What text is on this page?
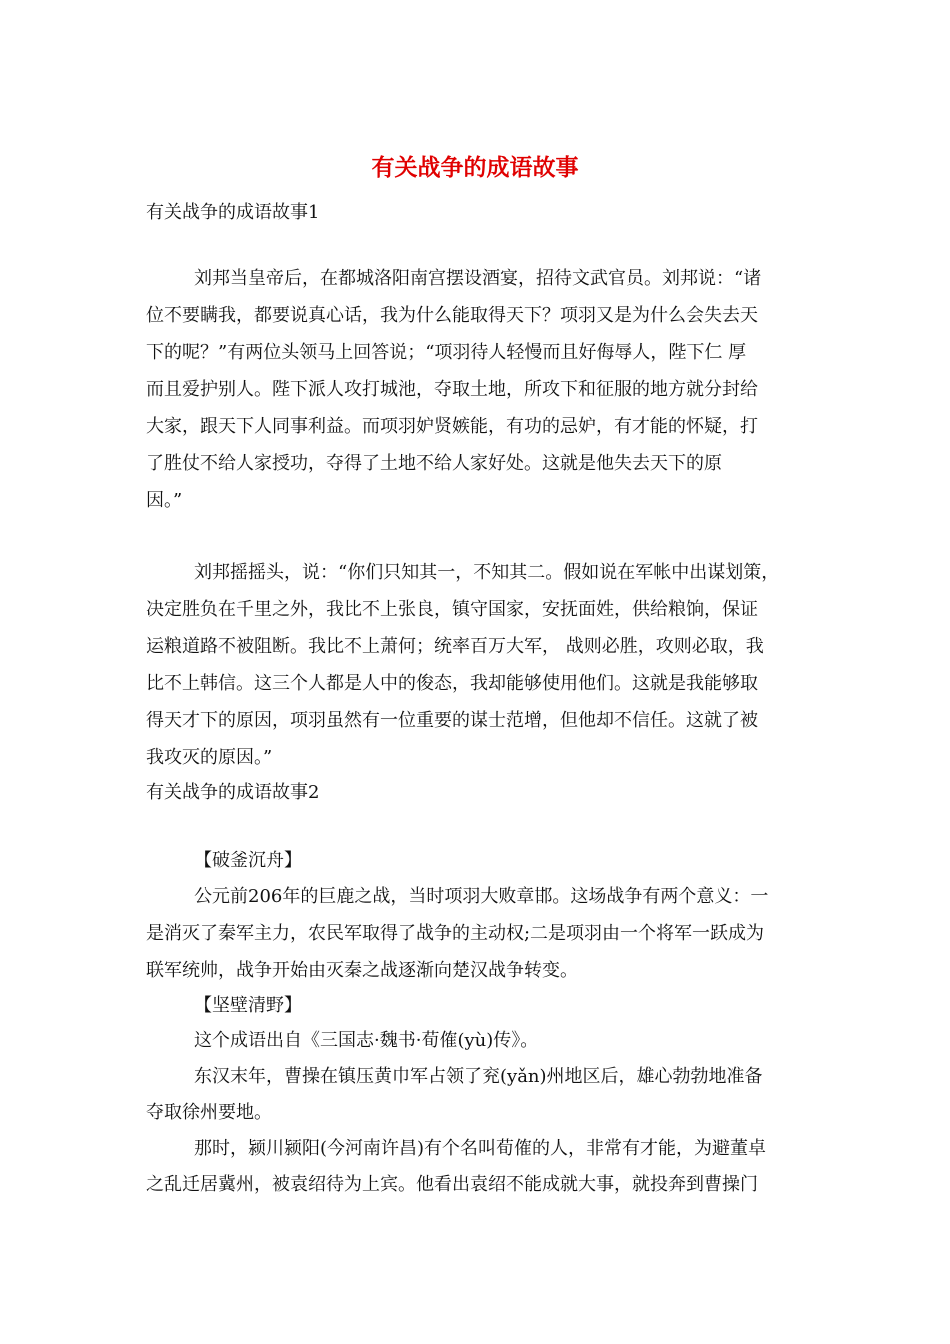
有关战争的成语故事
有关战争的成语故事1
刘邦当皇帝后，在都城洛阳南宫摆设酒宴，招待文武官员。刘邦说：“诸
位不要瞒我，都要说真心话，我为什么能取得天下？项羽又是为什么会失去天
下的呢？”有两位头领马上回答说；“项羽待人轻慢而且好侮辱人，陛下仁 厚
而且爱护别人。陛下派人攻打城池，夺取土地，所攻下和征服的地方就分封给
大家，跟天下人同事利益。而项羽妒贤嫉能，有功的忌妒，有才能的怀疑，打
了胜仗不给人家授功，夺得了土地不给人家好处。这就是他失去天下的原
因。”
刘邦摇摇头，说：“你们只知其一，不知其二。假如说在军帐中出谋划策，
决定胜负在千里之外，我比不上张良，镇守国家，安抚面姓，供给粮饷，保证
运粮道路不被阻断。我比不上萧何；统率百万大军， 战则必胜，攻则必取，我
比不上韩信。这三个人都是人中的俊态，我却能够使用他们。这就是我能够取
得天才下的原因，项羽虽然有一位重要的谋士范增，但他却不信任。这就了被
我攻灭的原因。”
有关战争的成语故事2
【破釜沉舟】
公元前206年的巨鹿之战，当时项羽大败章邯。这场战争有两个意义：一
是消灭了秦军主力，农民军取得了战争的主动权;二是项羽由一个将军一跃成为
联军统帅，战争开始由灭秦之战逐渐向楚汉战争转变。
【坚壁清野】
这个成语出自《三国志·魏书·荀傕(yù)传》。
东汉末年，曹操在镇压黄巾军占领了兖(yǎn)州地区后，雄心勃勃地准备
夺取徐州要地。
那时，颍川颍阳(今河南许昌)有个名叫荀傕的人，非常有才能，为避董卓
之乱迁居冀州，被袁绍待为上宾。他看出袁绍不能成就大事，就投奔到曹操门
